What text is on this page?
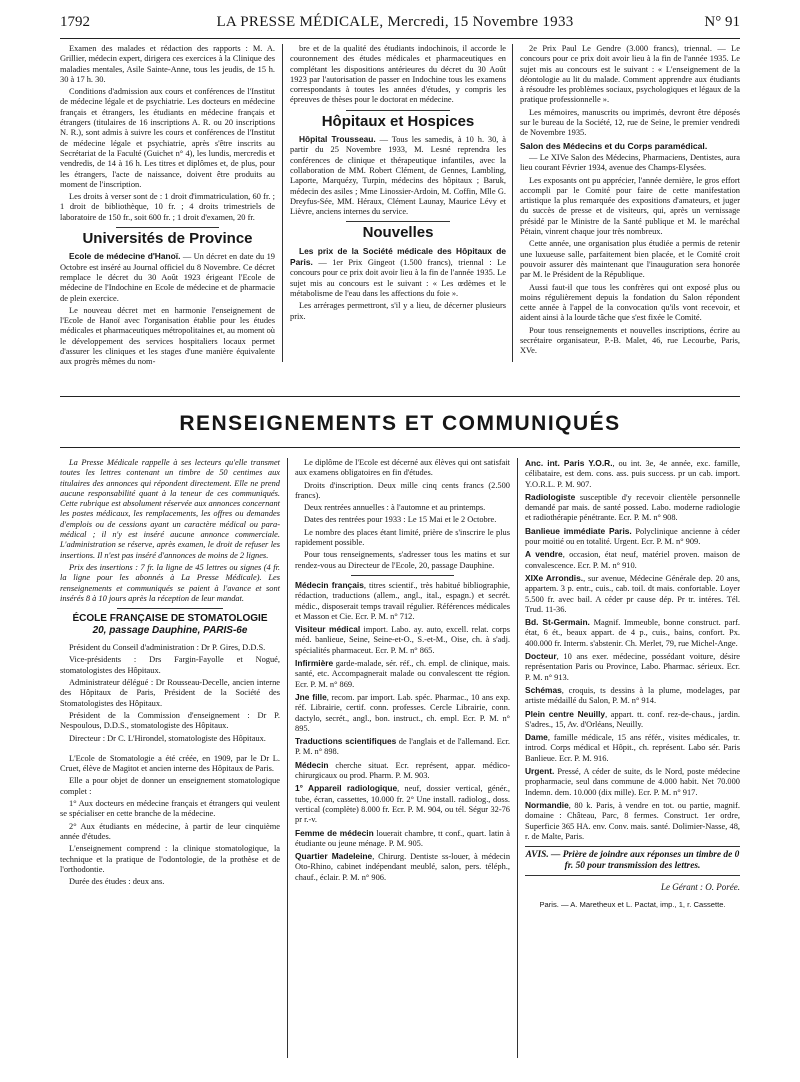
1792	LA PRESSE MÉDICALE, Mercredi, 15 Novembre 1933	N° 91

Examen des malades et rédaction des rapports : M. A. Grillier, médecin expert, dirigera ces exercices à la Clinique des maladies mentales, Asile Sainte-Anne, tous les jeudis, de 15 h. 30 à 17 h. 30.

Conditions d'admission aux cours et conférences de l'Institut de médecine légale et de psychiatrie. Les docteurs en médecine français et étrangers, les étudiants en médecine français et étrangers (titulaires de 16 inscriptions A. R. ou 20 inscriptions N. R.), sont admis à suivre les cours et conférences de l'Institut de médecine légale et psychiatrie, après s'être inscrits au Secrétariat de la Faculté (Guichet n° 4), les lundis, mercredis et vendredis, de 14 à 16 h. Les titres et diplômes et, de plus, pour les étrangers, l'acte de naissance, doivent être produits au moment de l'inscription.

Les droits à verser sont de : 1 droit d'immatriculation, 60 fr. ; 1 droit de bibliothèque, 10 fr. ; 4 droits trimestriels de laboratoire de 150 fr., soit 600 fr. ; 1 droit d'examen, 20 fr.

Universités de Province

Ecole de médecine d'Hanoï. — Un décret en date du 19 Octobre est inséré au Journal officiel du 8 Novembre. Ce décret remplace le décret du 30 Août 1923 érigeant l'Ecole de médecine de l'Indochine en Ecole de médecine et de pharmacie de plein exercice.

Le nouveau décret met en harmonie l'enseignement de l'Ecole de Hanoï avec l'organisation établie pour les études médicales et pharmaceutiques métropolitaines et, au moment où le développement des services hospitaliers locaux permet d'assurer les cliniques et les stages d'une manière équivalente aux progrès mêmes du nom-

bre et de la qualité des étudiants indochinois, il accorde le couronnement des études médicales et pharmaceutiques en complétant les dispositions antérieures du décret du 30 Août 1923 par l'autorisation de passer en Indochine tous les examens correspondants à toutes les années d'études, y compris les épreuves de thèses pour le doctorat en médecine.

Hôpitaux et Hospices

Hôpital Trousseau. — Tous les samedis, à 10 h. 30, à partir du 25 Novembre 1933, M. Lesné reprendra les conférences de clinique et thérapeutique infantiles, avec la collaboration de MM. Robert Clément, de Gennes, Lambling, Laporte, Marquézy, Turpin, médecins des hôpitaux ; Baruk, médecin des asiles ; Mme Linossier-Ardoin, M. Coffin, Mlle G. Dreyfus-Sée, MM. Héraux, Clément Launay, Maurice Lévy et Lièvre, anciens internes du service.

Nouvelles

Les prix de la Société médicale des Hôpitaux de Paris. — 1er Prix Gingeot (1.500 francs), triennal : Le concours pour ce prix doit avoir lieu à la fin de l'année 1935. Le sujet mis au concours est le suivant : « Les œdèmes et le métabolisme de l'eau dans les affections du foie ».

Les arrérages permettront, s'il y a lieu, de décerner plusieurs prix.

2e Prix Paul Le Gendre (3.000 francs), triennal. — Le concours pour ce prix doit avoir lieu à la fin de l'année 1935. Le sujet mis au concours est le suivant : « L'enseignement de la déontologie au lit du malade. Comment apprendre aux étudiants à résoudre les problèmes sociaux, psychologiques et légaux de la pratique professionnelle ».

Les mémoires, manuscrits ou imprimés, devront être déposés sur le bureau de la Société, 12, rue de Seine, le premier vendredi de Novembre 1935.

Salon des Médecins et du Corps paramédical.

— Le XIVe Salon des Médecins, Pharmaciens, Dentistes, aura lieu courant Février 1934, avenue des Champs-Elysées.

Les exposants ont pu apprécier, l'année dernière, le gros effort accompli par le Comité pour faire de cette manifestation artistique la plus remarquée des expositions d'amateurs, et juger du succès de presse et de visiteurs, qui, après un vernissage présidé par le Ministre de la Santé publique et M. le maréchal Pétain, vinrent chaque jour très nombreux.

Cette année, une organisation plus étudiée a permis de retenir une luxueuse salle, parfaitement bien placée, et le Comité croit pouvoir assurer dès maintenant que l'inauguration sera honorée par M. le Président de la République.

Aussi faut-il que tous les confrères qui ont exposé plus ou moins régulièrement depuis la fondation du Salon répondent cette année à l'appel de la convocation qu'ils vont recevoir, et aident ainsi à la lourde tâche que s'est fixée le Comité.

Pour tous renseignements et nouvelles inscriptions, écrire au secrétaire organisateur, P.-B. Malet, 46, rue Lecourbe, Paris, XVe.

RENSEIGNEMENTS ET COMMUNIQUÉS

La Presse Médicale rappelle à ses lecteurs qu'elle transmet toutes les lettres contenant un timbre de 50 centimes aux titulaires des annonces qui répondent directement. Elle ne prend aucune responsabilité quant à la teneur de ces communiqués. Cette rubrique est absolument réservée aux annonces concernant les postes médicaux, les remplacements, les offres ou demandes d'emplois ou de cessions ayant un caractère médical ou para-médical ; il n'y est inséré aucune annonce commerciale. L'administration se réserve, après examen, le droit de refuser les insertions. Il n'est pas inséré d'annonces de moins de 2 lignes.

Prix des insertions : 7 fr. la ligne de 45 lettres ou signes (4 fr. la ligne pour les abonnés à La Presse Médicale). Les renseignements et communiqués se paient à l'avance et sont insérés 8 à 10 jours après la réception de leur mandat.

ÉCOLE FRANÇAISE DE STOMATOLOGIE
20, passage Dauphine, PARIS-6e

Président du Conseil d'administration : Dr P. Gires, D.D.S.

Vice-présidents : Drs Fargin-Fayolle et Nogué, stomatologistes des Hôpitaux.

Administrateur délégué : Dr Rousseau-Decelle, ancien interne des Hôpitaux de Paris, Président de la Société des Stomatologistes des Hôpitaux.

Président de la Commission d'enseignement : Dr P. Nespoulous, D.D.S., stomatologiste des Hôpitaux.

Directeur : Dr C. L'Hirondel, stomatologiste des Hôpitaux.

L'Ecole de Stomatologie a été créée, en 1909, par le Dr L. Cruet, élève de Magitot et ancien interne des Hôpitaux de Paris.

Elle a pour objet de donner un enseignement stomatologique complet :

1° Aux docteurs en médecine français et étrangers qui veulent se spécialiser en cette branche de la médecine.

2° Aux étudiants en médecine, à partir de leur cinquième année d'études.

L'enseignement comprend : la clinique stomatologique, la technique et la pratique de l'odontologie, de la prothèse et de l'orthodontie.

Durée des études : deux ans.

Le diplôme de l'Ecole est décerné aux élèves qui ont satisfait aux examens obligatoires en fin d'études.

Droits d'inscription. Deux mille cinq cents francs (2.500 francs).

Deux rentrées annuelles : à l'automne et au printemps.

Dates des rentrées pour 1933 : Le 15 Mai et le 2 Octobre.

Le nombre des places étant limité, prière de s'inscrire le plus rapidement possible.

Pour tous renseignements, s'adresser tous les matins et sur rendez-vous au Directeur de l'Ecole, 20, passage Dauphine.

Médecin français, titres scientif., très habitué bibliographie, rédaction, traductions (allem., angl., ital., espagn.) et secrét. médic., disposerait temps travail régulier. Références médicales et Masson et Cie. Ecr. P. M. n° 712.

Visiteur médical import. Labo. ay. auto, excell. relat. corps méd. banlieue, Seine, Seine-et-O., S.-et-M., Oise, ch. à s'adj. spécialités pharmaceut. Ecr. P. M. n° 865.

Infirmière garde-malade, sér. réf., ch. empl. de clinique, mais. santé, etc. Accompagnerait malade ou convalescent tte région. Ecr. P. M. n° 869.

Jne fille, recom. par import. Lab. spéc. Pharmac., 10 ans exp. réf. Librairie, certif. conn. professes. Cercle Librairie, conn. dactylo, secrét., angl., bon. instruct., ch. empl. Ecr. P. M. n° 895.

Traductions scientifiques de l'anglais et de l'allemand. Ecr. P. M. n° 898.

Médecin cherche situat. Ecr. représent, appar. médico-chirurgicaux ou prod. Pharm. P. M. 903.

1° Appareil radiologique, neuf, dossier vertical, génér., tube, écran, cassettes, 10.000 fr. 2° Une install. radiolog., doss. vertical (complète) 8.000 fr. Ecr. P. M. 904, ou tél. Ségur 32-76 pr r.-v.

Femme de médecin louerait chambre, tt conf., quart. latin à étudiante ou jeune ménage. P. M. 905.

Quartier Madeleine, Chirurg. Dentiste ss-louer, à médecin Oto-Rhino, cabinet indépendant meublé, salon, pers. téléph., chauf., éclair. P. M. n° 906.

Anc. int. Paris Y.O.R., ou int. 3e, 4e année, exc. famille, célibataire, est dem. cons. ass. puis success. pr un cab. import. Y.O.R.L. P. M. 907.

Radiologiste susceptible d'y recevoir clientèle personnelle demandé par mais. de santé possed. Labo. moderne radiologie et radiothérapie pénétrante. Ecr. P. M. n° 908.

Banlieue immédiate Paris. Polyclinique ancienne à céder pour moitié ou en totalité. Urgent. Ecr. P. M. n° 909.

A vendre, occasion, état neuf, matériel proven. maison de convalescence. Ecr. P. M. n° 910.

XIXe Arrondis., sur avenue, Médecine Générale dep. 20 ans, appartem. 3 p. entr., cuis., cab. toil. dt mais. confortable. Loyer 5.500 fr. avec bail. A céder pr cause dép. Pr tr. intéres. Tél. Trud. 11-36.

Bd. St-Germain. Magnif. Immeuble, bonne construct. parf. état, 6 ét., beaux appart. de 4 p., cuis., bains, confort. Px. 400.000 fr. Interm. s'abstenir. Ch. Merlet, 79, rue Michel-Ange.

Docteur, 10 ans exer. médecine, possédant voiture, désire représentation Paris ou Province, Labo. Pharmac. sérieux. Ecr. P. M. n° 913.

Schémas, croquis, ts dessins à la plume, modelages, par artiste médaillé du Salon, P. M. n° 914.

Plein centre Neuilly, appart. tt. conf. rez-de-chaus., jardin. S'adres., 15, Av. d'Orléans, Neuilly.

Dame, famille médicale, 15 ans référ., visites médicales, tr. introd. Corps médical et Hôpit., ch. représent. Labo sér. Paris Banlieue. Ecr. P. M. 916.

Urgent. Pressé, A céder de suite, ds le Nord, poste médecine propharmacie, seul dans commune de 4.000 habit. Net 70.000 Indemn. dem. 10.000 (dix mille). Ecr. P. M. n° 917.

Normandie, 80 k. Paris, à vendre en tot. ou partie, magnif. domaine : Château, Parc, 8 fermes. Construct. 1er ordre, Superficie 365 HA. env. Conv. mais. santé. Dolimier-Nasse, 48, r. de Malte, Paris.

AVIS. — Prière de joindre aux réponses un timbre de 0 fr. 50 pour transmission des lettres.
Le Gérant : O. Porée.
Paris. — A. Maretheux et L. Pactat, imp., 1, r. Cassette.
